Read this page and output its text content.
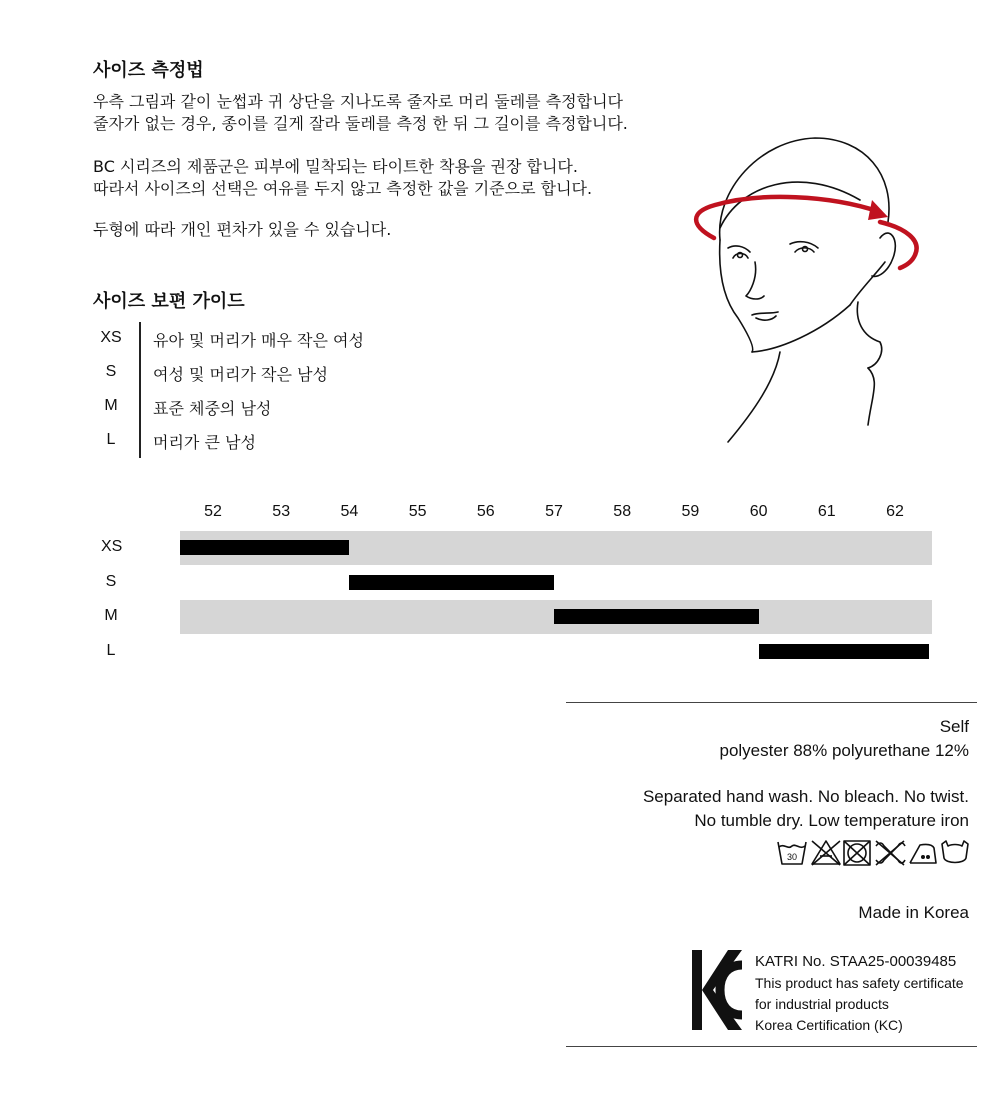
사이즈 측정법
우측 그림과 같이 눈썹과 귀 상단을 지나도록 줄자로 머리 둘레를 측정합니다
줄자가 없는 경우, 종이를 길게 잘라 둘레를 측정 한 뒤 그 길이를 측정합니다.
BC 시리즈의 제품군은 피부에 밀착되는 타이트한 착용을 권장 합니다.
따라서 사이즈의 선택은 여유를 두지 않고 측정한 값을 기준으로 합니다.
두형에 따라 개인 편차가 있을 수 있습니다.
사이즈 보편 가이드
XS	유아 및 머리가 매우 작은 여성
S	여성 및 머리가 작은 남성
M	표준 체중의 남성
L	머리가 큰 남성
52	53	54	55	56	57	58	59	60	61	62
XS
S
M
L
Self
polyester 88% polyurethane 12%
Separated hand wash. No bleach. No twist.
No tumble dry. Low temperature iron
30
Made in Korea
KATRI No. STAA25-00039485
This product has safety certificate
for industrial products
Korea Certification (KC)
